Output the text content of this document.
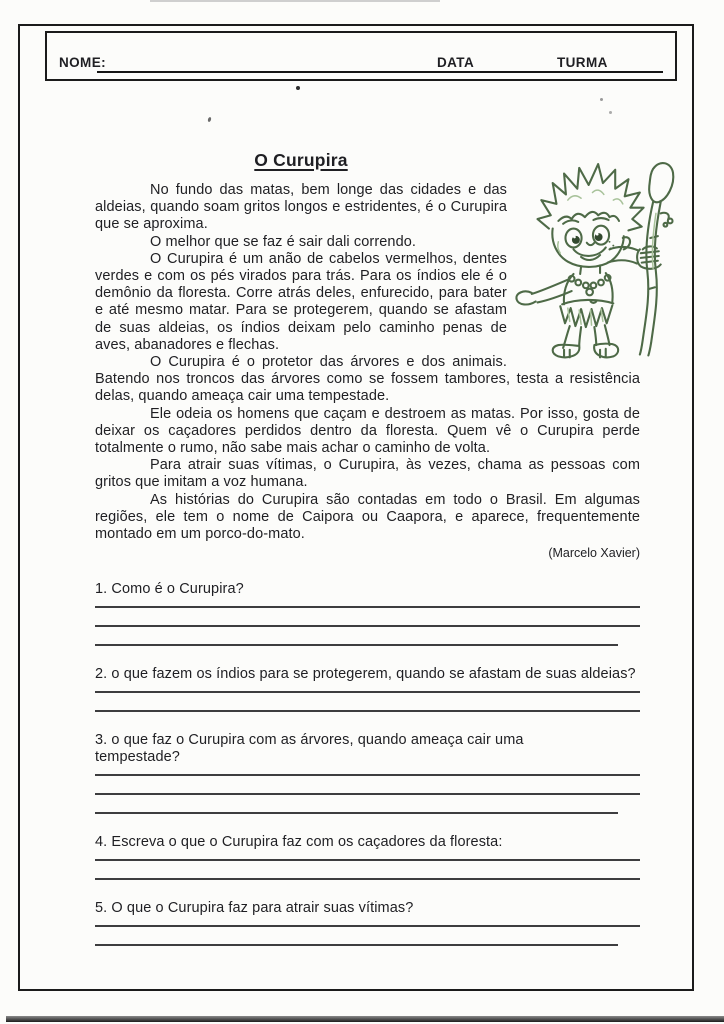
NOME:	DATA	TURMA
O Curupira

No fundo das matas, bem longe das cidades e das aldeias, quando soam gritos longos e estridentes, é o Curupira que se aproxima.

O melhor que se faz é sair dali correndo.

O Curupira é um anão de cabelos vermelhos, dentes verdes e com os pés virados para trás. Para os índios ele é o demônio da floresta. Corre atrás deles, enfurecido, para bater e até mesmo matar. Para se protegerem, quando se afastam de suas aldeias, os índios deixam pelo caminho penas de aves, abanadores e flechas.

O Curupira é o protetor das árvores e dos animais. Batendo nos troncos das árvores como se fossem tambores, testa a resistência delas, quando ameaça cair uma tempestade.

Ele odeia os homens que caçam e destroem as matas. Por isso, gosta de deixar os caçadores perdidos dentro da floresta. Quem vê o Curupira perde totalmente o rumo, não sabe mais achar o caminho de volta.

Para atrair suas vítimas, o Curupira, às vezes, chama as pessoas com gritos que imitam a voz humana.

As histórias do Curupira são contadas em todo o Brasil. Em algumas regiões, ele tem o nome de Caipora ou Caapora, e aparece, frequentemente montado em um porco-do-mato.

(Marcelo Xavier)

1. Como é o Curupira?

2. o que fazem os índios para se protegerem, quando se afastam de suas aldeias?

3. o que faz o Curupira com as árvores, quando ameaça cair uma tempestade?

4. Escreva o que o Curupira faz com os caçadores da floresta:

5. O que o Curupira faz para atrair suas vítimas?
